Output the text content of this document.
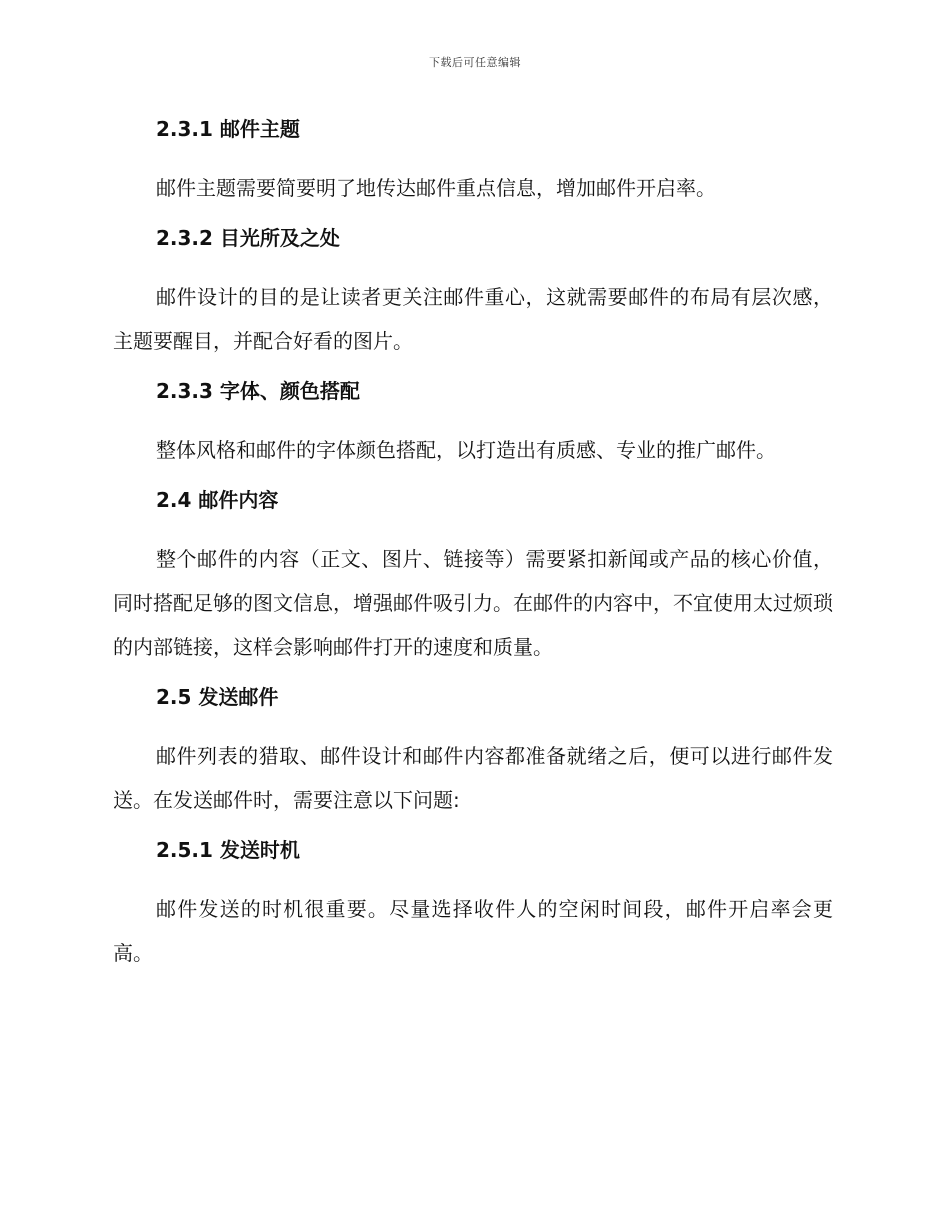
下载后可任意编辑
2.3.1 邮件主题

邮件主题需要简要明了地传达邮件重点信息，增加邮件开启率。

2.3.2 目光所及之处

邮件设计的目的是让读者更关注邮件重心，这就需要邮件的布局有层次感，主题要醒目，并配合好看的图片。

2.3.3 字体、颜色搭配

整体风格和邮件的字体颜色搭配，以打造出有质感、专业的推广邮件。

2.4 邮件内容

整个邮件的内容（正文、图片、链接等）需要紧扣新闻或产品的核心价值，同时搭配足够的图文信息，增强邮件吸引力。在邮件的内容中，不宜使用太过烦琐的内部链接，这样会影响邮件打开的速度和质量。

2.5 发送邮件

邮件列表的猎取、邮件设计和邮件内容都准备就绪之后，便可以进行邮件发送。在发送邮件时，需要注意以下问题:

2.5.1 发送时机

邮件发送的时机很重要。尽量选择收件人的空闲时间段，邮件开启率会更高。
